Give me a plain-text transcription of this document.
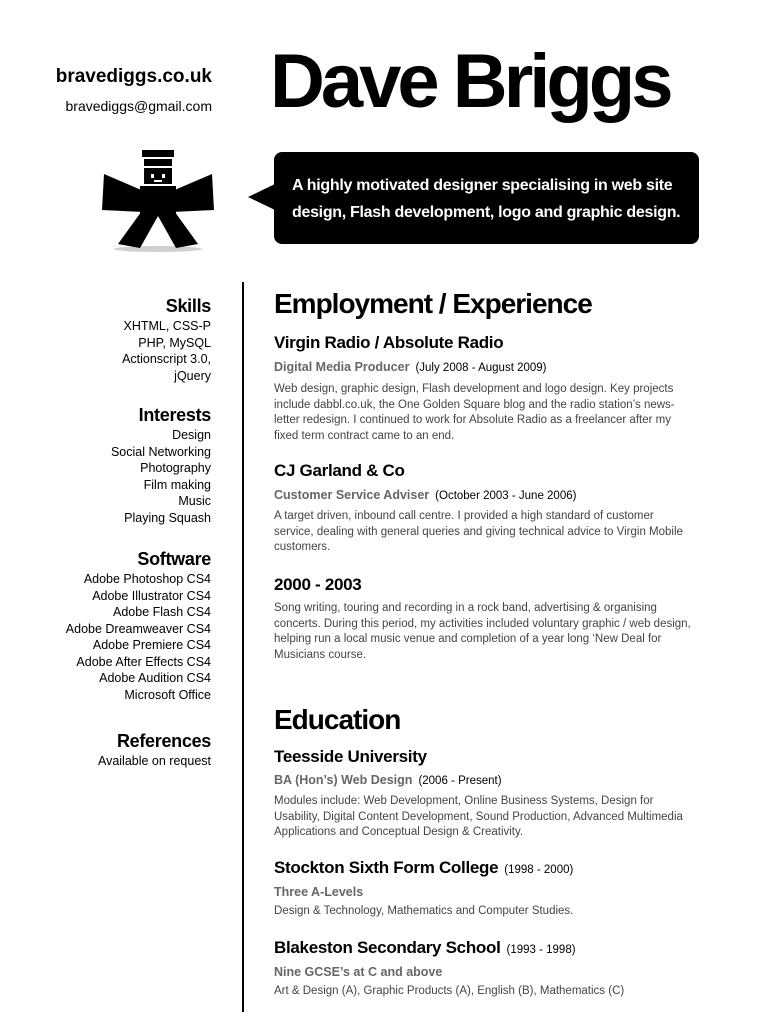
bravediggs.co.uk
bravediggs@gmail.com Dave Briggs
A highly motivated designer specialising in web site design, Flash development, logo and graphic design.
Skills
XHTML, CSS-P
PHP, MySQL
Actionscript 3.0,
jQuery
Interests
Design
Social Networking
Photography
Film making
Music
Playing Squash
Software
Adobe Photoshop CS4
Adobe Illustrator CS4
Adobe Flash CS4
Adobe Dreamweaver CS4
Adobe Premiere CS4
Adobe After Effects CS4
Adobe Audition CS4
Microsoft Office
References
Available on request
Employment / Experience
Virgin Radio / Absolute Radio
Digital Media Producer (July 2008 - August 2009)

Web design, graphic design, Flash development and logo design. Key projects include dabbl.co.uk, the One Golden Square blog and the radio station’s news-letter redesign. I continued to work for Absolute Radio as a freelancer after my fixed term contract came to an end.

CJ Garland & Co
Customer Service Adviser (October 2003 - June 2006)

A target driven, inbound call centre. I provided a high standard of customer service, dealing with general queries and giving technical advice to Virgin Mobile customers.

2000 - 2003

Song writing, touring and recording in a rock band, advertising & organising concerts. During this period, my activities included voluntary graphic / web design, helping run a local music venue and completion of a year long ‘New Deal for Musicians course.

Education
Teesside University
BA (Hon’s) Web Design (2006 - Present)

Modules include: Web Development, Online Business Systems, Design for Usability, Digital Content Development, Sound Production, Advanced Multimedia Applications and Conceptual Design & Creativity.

Stockton Sixth Form College (1998 - 2000)
Three A-Levels

Design & Technology, Mathematics and Computer Studies.

Blakeston Secondary School (1993 - 1998)
Nine GCSE’s at C and above

Art & Design (A), Graphic Products (A), English (B), Mathematics (C)
